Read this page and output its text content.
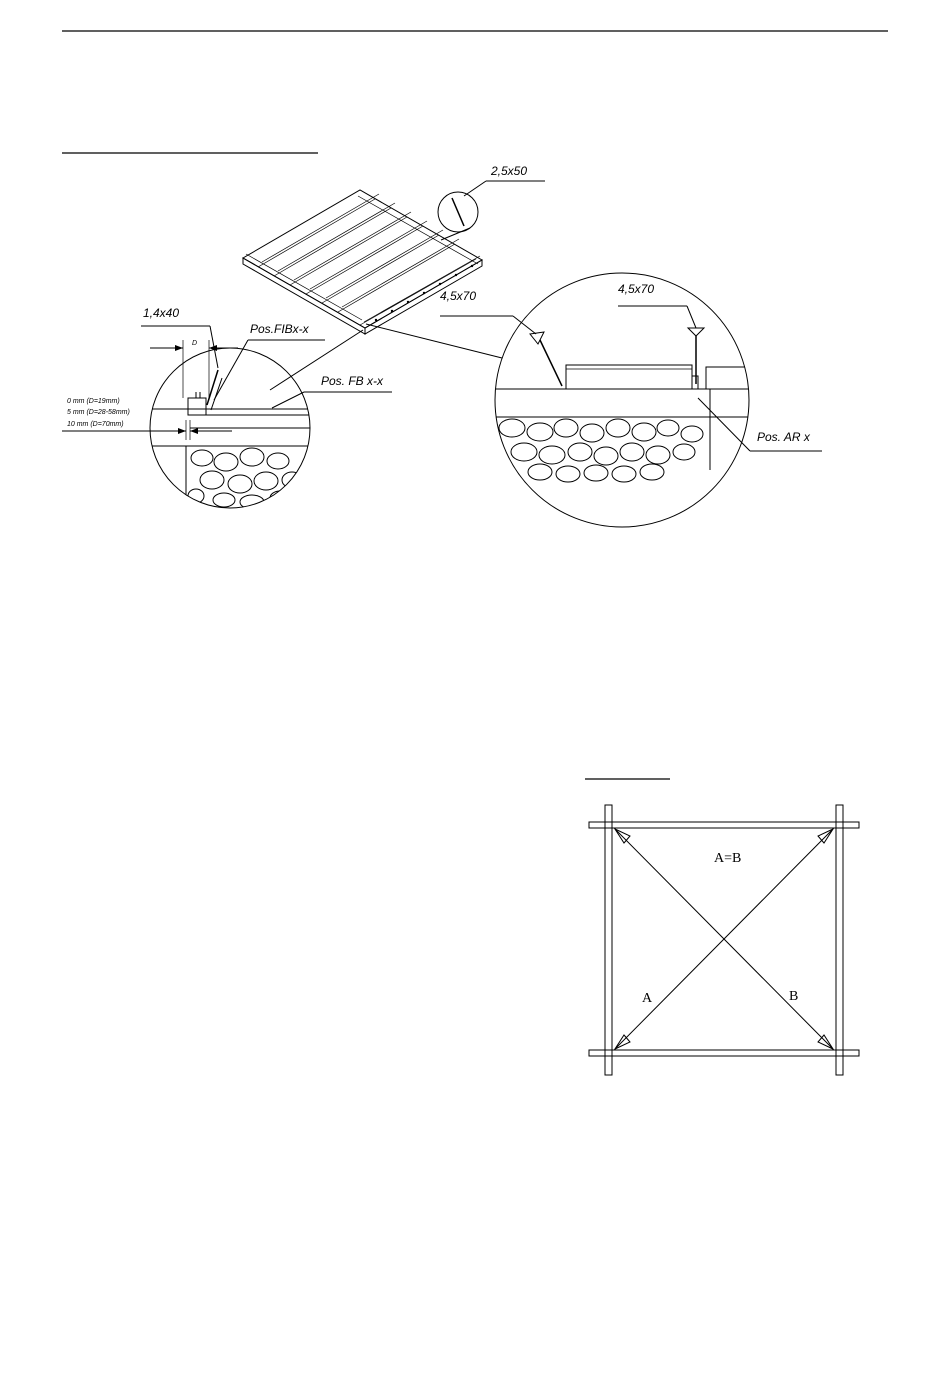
2,5x50
1,4x40
D
Pos.FIBx-x
Pos. FB x-x
0 mm (D=19mm)
5 mm (D=28-58mm)
10 mm (D=70mm)
4,5x70	4,5x70
Pos. AR x
A=B
A	B
